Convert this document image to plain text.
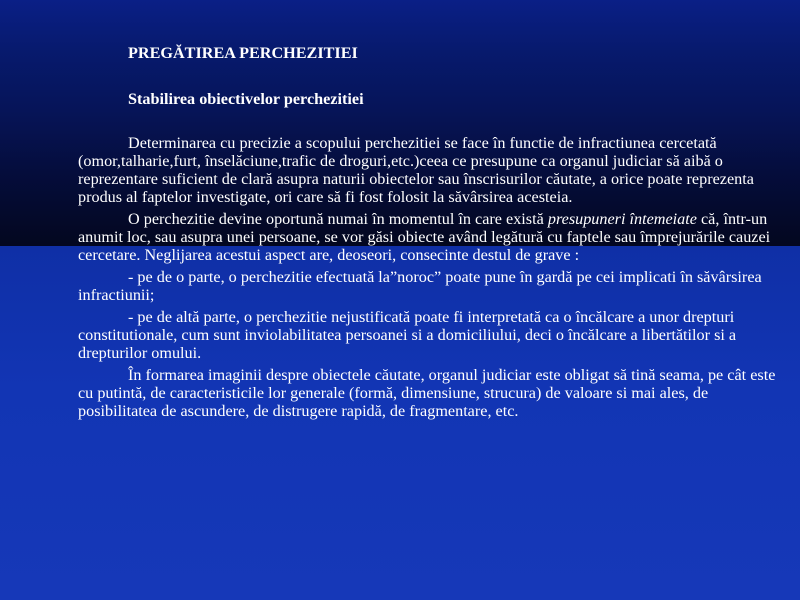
PREGĂTIREA PERCHEZITIEI
Stabilirea obiectivelor perchezitiei

Determinarea cu precizie a scopului perchezitiei se face în functie de infractiunea cercetată (omor,talharie,furt, înselăciune,trafic de droguri,etc.)ceea ce presupune ca organul judiciar să aibă o reprezentare suficient de clară asupra naturii obiectelor sau înscrisurilor căutate, a orice poate reprezenta produs al faptelor investigate, ori care să fi fost folosit la săvârsirea acesteia.

O perchezitie devine oportună numai în momentul în care există presupuneri întemeiate că, într-un anumit loc, sau asupra unei persoane, se vor găsi obiecte având legătură cu faptele sau împrejurările cauzei cercetare. Neglijarea acestui aspect are, deoseori, consecinte destul de grave :

- pe de o parte, o perchezitie efectuată la”noroc” poate pune în gardă pe cei implicati în săvârsirea infractiunii;

- pe de altă parte, o perchezitie nejustificată poate fi interpretată ca o încălcare a unor drepturi constitutionale, cum sunt inviolabilitatea persoanei si a domiciliului, deci o încălcare a libertătilor si a drepturilor omului.

În formarea imaginii despre obiectele căutate, organul judiciar este obligat să tină seama, pe cât este cu putintă, de caracteristicile lor generale (formă, dimensiune, strucura) de valoare si mai ales, de posibilitatea de ascundere, de distrugere rapidă, de fragmentare, etc.
